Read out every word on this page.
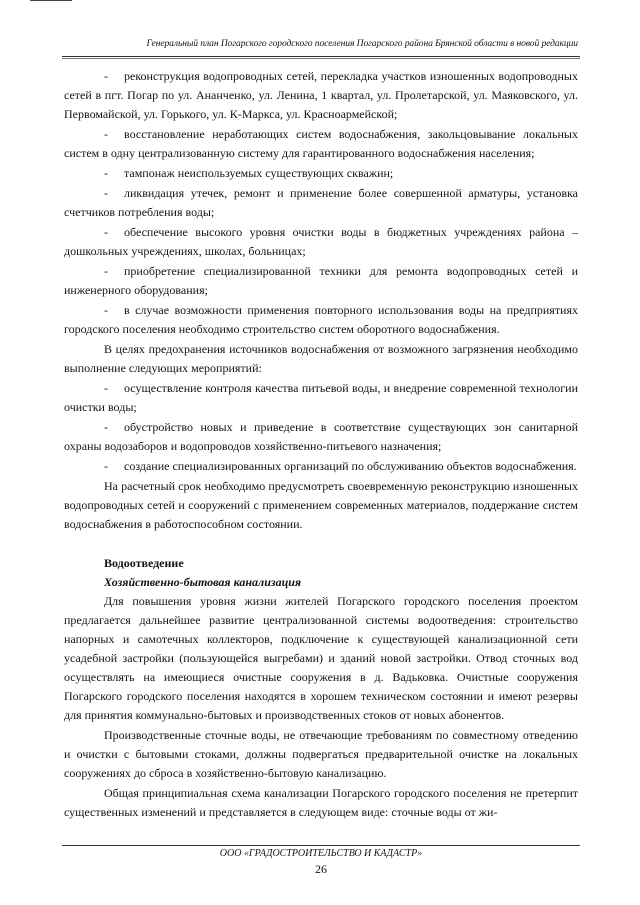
Генеральный план Погарского городского поселения Погарского района Брянской области в новой редакции

- реконструкция водопроводных сетей, перекладка участков изношенных водопроводных сетей в пгт. Погар по ул. Ананченко, ул. Ленина, 1 квартал, ул. Пролетарской, ул. Маяковского, ул. Первомайской, ул. Горького, ул. К-Маркса, ул. Красноармейской;

- восстановление неработающих систем водоснабжения, закольцовывание локальных систем в одну централизованную систему для гарантированного водоснабжения населения;

- тампонаж неиспользуемых существующих скважин;

- ликвидация утечек, ремонт и применение более совершенной арматуры, установка счетчиков потребления воды;

- обеспечение высокого уровня очистки воды в бюджетных учреждениях района – дошкольных учреждениях, школах, больницах;

- приобретение специализированной техники для ремонта водопроводных сетей и инженерного оборудования;

- в случае возможности применения повторного использования воды на предприятиях городского поселения необходимо строительство систем оборотного водоснабжения.

В целях предохранения источников водоснабжения от возможного загрязнения необходимо выполнение следующих мероприятий:

- осуществление контроля качества питьевой воды, и внедрение современной технологии очистки воды;

- обустройство новых и приведение в соответствие существующих зон санитарной охраны водозаборов и водопроводов хозяйственно-питьевого назначения;

- создание специализированных организаций по обслуживанию объектов водоснабжения.

На расчетный срок необходимо предусмотреть своевременную реконструкцию изношенных водопроводных сетей и сооружений с применением современных материалов, поддержание систем водоснабжения в работоспособном состоянии.

Водоотведение

Хозяйственно-бытовая канализация

Для повышения уровня жизни жителей Погарского городского поселения проектом предлагается дальнейшее развитие централизованной системы водоотведения: строительство напорных и самотечных коллекторов, подключение к существующей канализационной сети усадебной застройки (пользующейся выгребами) и зданий новой застройки. Отвод сточных вод осуществлять на имеющиеся очистные сооружения в д. Вадьковка. Очистные сооружения Погарского городского поселения находятся в хорошем техническом состоянии и имеют резервы для принятия коммунально-бытовых и производственных стоков от новых абонентов.

Производственные сточные воды, не отвечающие требованиям по совместному отведению и очистки с бытовыми стоками, должны подвергаться предварительной очистке на локальных сооружениях до сброса в хозяйственно-бытовую канализацию.

Общая принципиальная схема канализации Погарского городского поселения не претерпит существенных изменений и представляется в следующем виде: сточные воды от жи-

ООО «ГРАДОСТРОИТЕЛЬСТВО И КАДАСТР»
26
